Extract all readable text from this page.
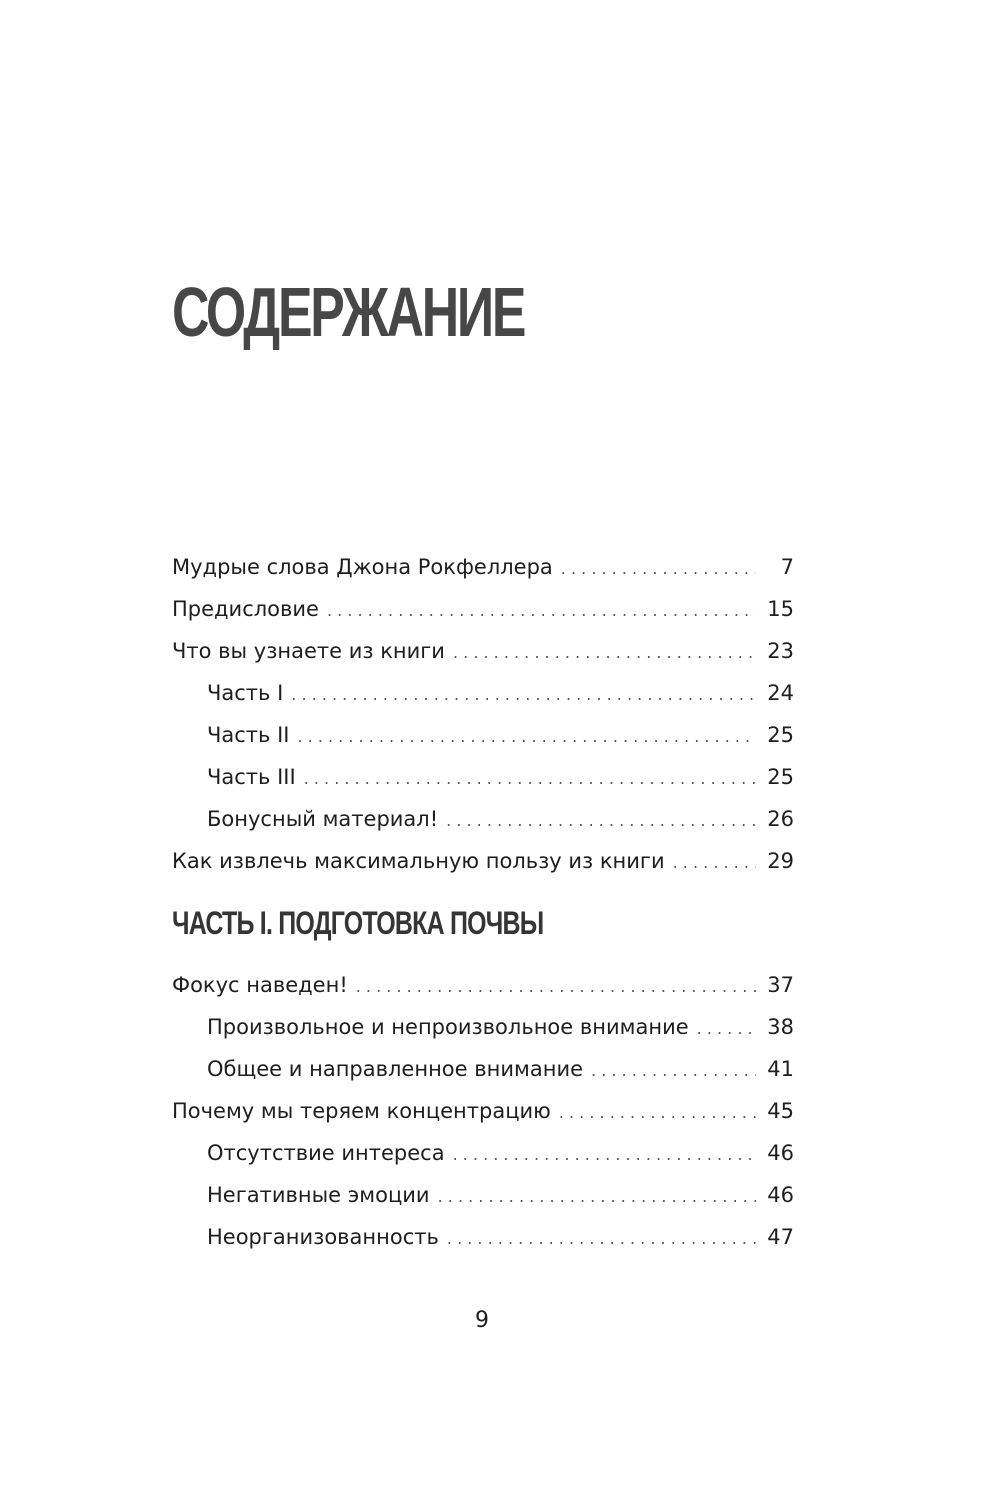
СОДЕРЖАНИЕ
Мудрые слова Джона Рокфеллера . . .	7
Предисловие . . .	15
Что вы узнаете из книги . . .	23
Часть I . . .	24
Часть II . . .	25
Часть III . . .	25
Бонусный материал! . . .	26
Как извлечь максимальную пользу из книги . . .	29
ЧАСТЬ I. ПОДГОТОВКА ПОЧВЫ
Фокус наведен! . . .	37
Произвольное и непроизвольное внимание . . .	38
Общее и направленное внимание . . .	41
Почему мы теряем концентрацию . . .	45
Отсутствие интереса . . .	46
Негативные эмоции . . .	46
Неорганизованность . . .	47
9
